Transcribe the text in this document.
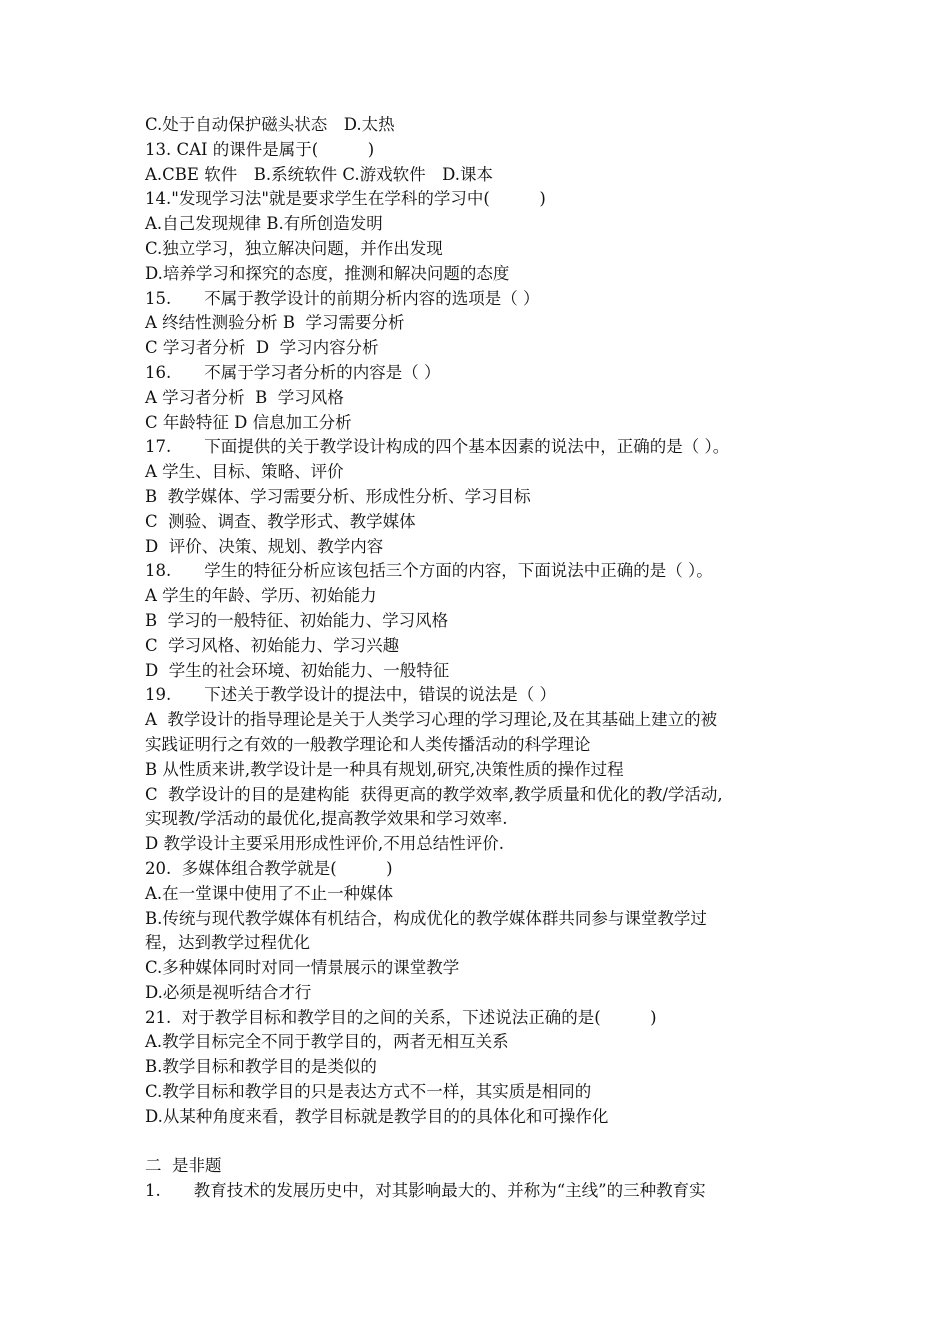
C.处于自动保护磁头状态　D.太热
13. CAI 的课件是属于(　　　)
A.CBE 软件　B.系统软件 C.游戏软件　D.课本
14."发现学习法"就是要求学生在学科的学习中(　　　)
A.自己发现规律 B.有所创造发明
C.独立学习，独立解决问题，并作出发现
D.培养学习和探究的态度，推测和解决问题的态度
15.　　不属于教学设计的前期分析内容的选项是（ ）
A 终结性测验分析 B  学习需要分析
C 学习者分析  D  学习内容分析
16.　　不属于学习者分析的内容是（ ）
A 学习者分析  B  学习风格
C 年龄特征 D 信息加工分析
17.　　下面提供的关于教学设计构成的四个基本因素的说法中，正确的是（ ）。
A 学生、目标、策略、评价
B  教学媒体、学习需要分析、形成性分析、学习目标
C  测验、调查、教学形式、教学媒体
D  评价、决策、规划、教学内容
18.　　学生的特征分析应该包括三个方面的内容，下面说法中正确的是（ ）。
A 学生的年龄、学历、初始能力
B  学习的一般特征、初始能力、学习风格
C  学习风格、初始能力、学习兴趣
D  学生的社会环境、初始能力、一般特征
19.　　下述关于教学设计的提法中，错误的说法是（ ）
A  教学设计的指导理论是关于人类学习心理的学习理论,及在其基础上建立的被
实践证明行之有效的一般教学理论和人类传播活动的科学理论
B 从性质来讲,教学设计是一种具有规划,研究,决策性质的操作过程
C  教学设计的目的是建构能  获得更高的教学效率,教学质量和优化的教/学活动,
实现教/学活动的最优化,提高教学效果和学习效率.
D 教学设计主要采用形成性评价,不用总结性评价.
20.  多媒体组合教学就是(　　　)
A.在一堂课中使用了不止一种媒体
B.传统与现代教学媒体有机结合，构成优化的教学媒体群共同参与课堂教学过
程，达到教学过程优化
C.多种媒体同时对同一情景展示的课堂教学
D.必须是视听结合才行
21.  对于教学目标和教学目的之间的关系，下述说法正确的是(　　　)
A.教学目标完全不同于教学目的，两者无相互关系
B.教学目标和教学目的是类似的
C.教学目标和教学目的只是表达方式不一样，其实质是相同的
D.从某种角度来看，教学目标就是教学目的的具体化和可操作化
二  是非题
1.　　教育技术的发展历史中，对其影响最大的、并称为“主线”的三种教育实
